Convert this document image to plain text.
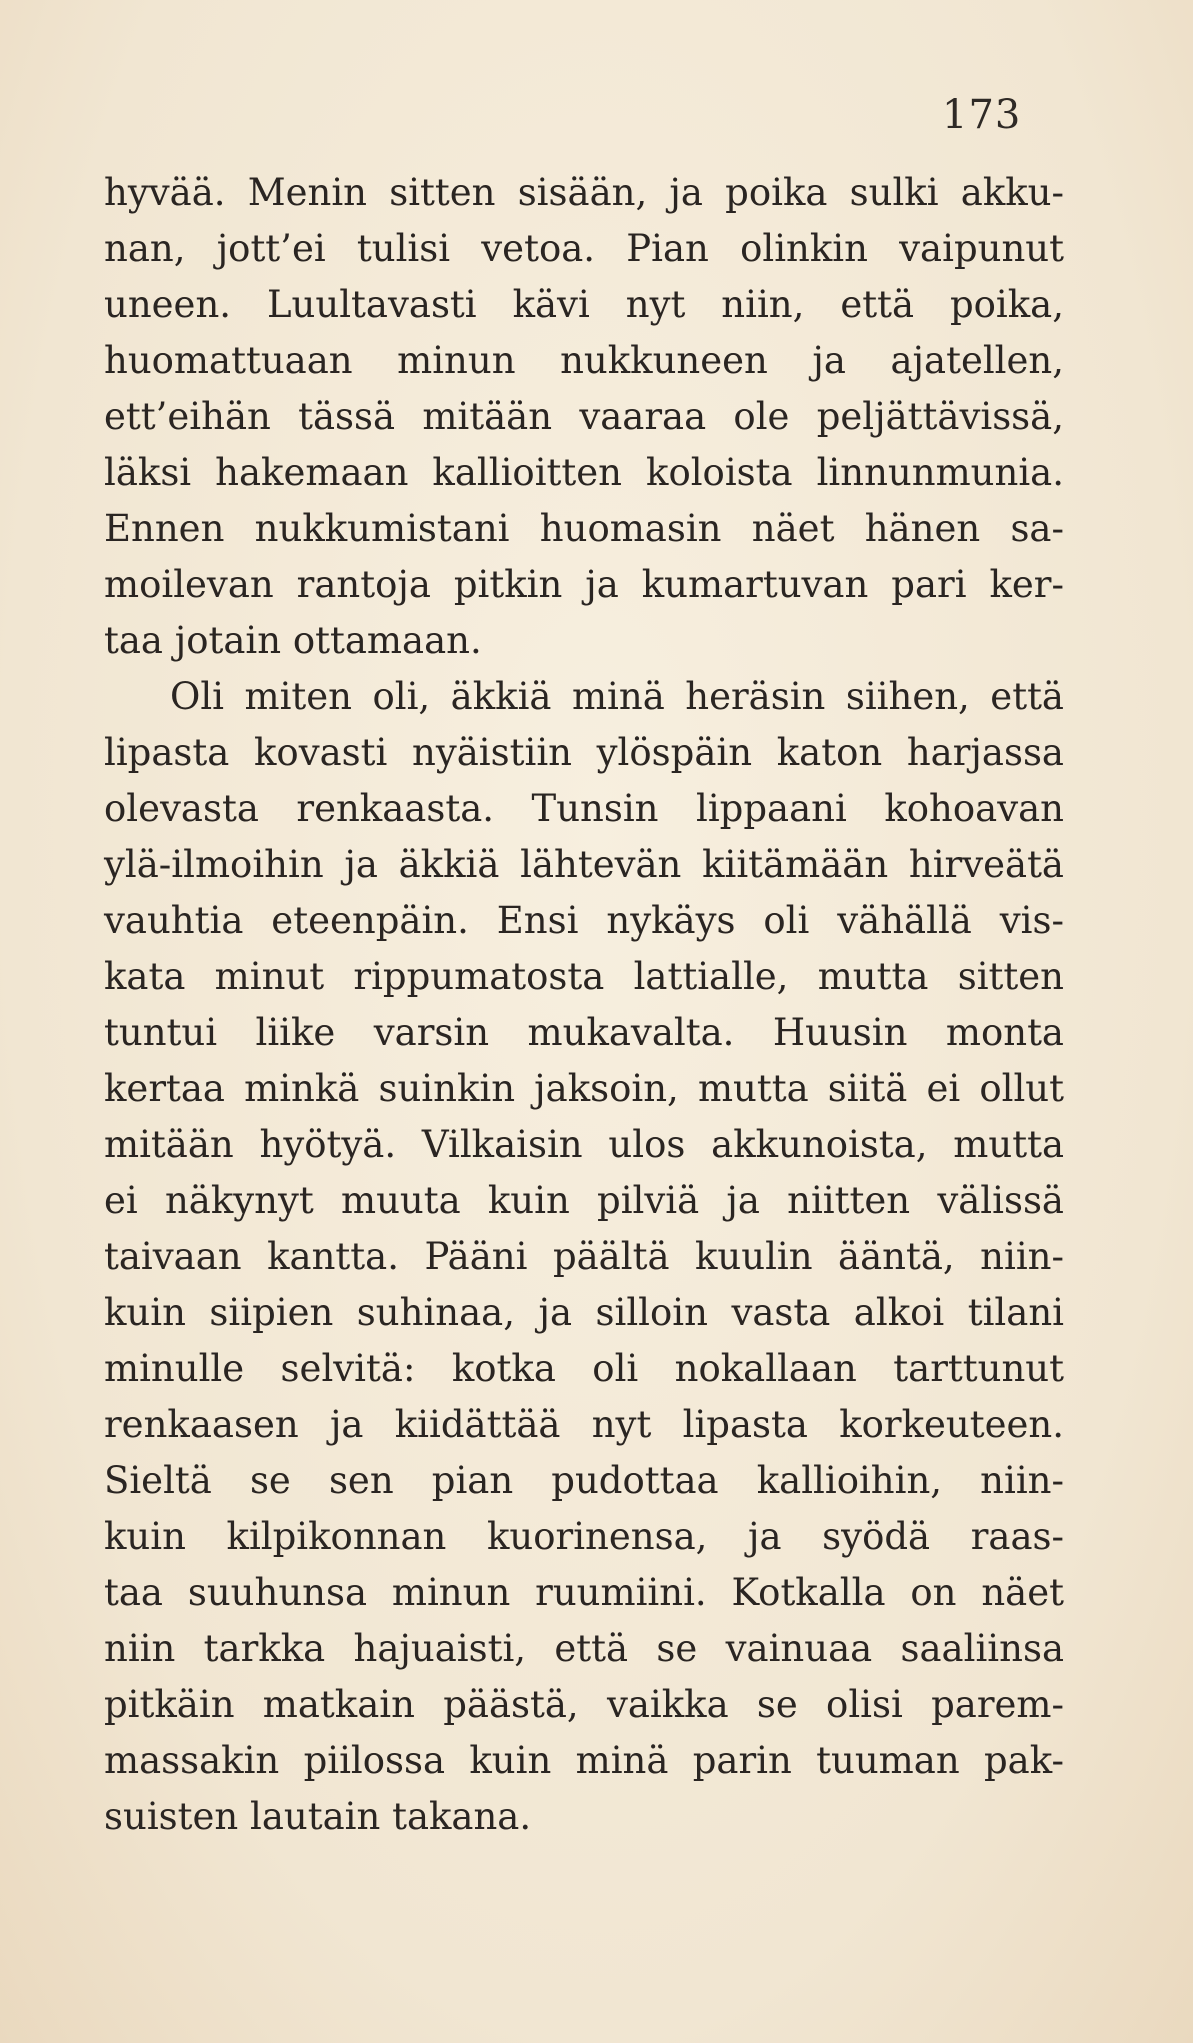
173
hyvää. Menin sitten sisään, ja poika sulki akku-
nan, jott’ei tulisi vetoa. Pian olinkin vaipunut
uneen. Luultavasti kävi nyt niin, että poika,
huomattuaan minun nukkuneen ja ajatellen,
ett’eihän tässä mitään vaaraa ole peljättävissä,
läksi hakemaan kallioitten koloista linnunmunia.
Ennen nukkumistani huomasin näet hänen sa-
moilevan rantoja pitkin ja kumartuvan pari ker-
taa jotain ottamaan.
Oli miten oli, äkkiä minä heräsin siihen, että
lipasta kovasti nyäistiin ylöspäin katon harjassa
olevasta renkaasta. Tunsin lippaani kohoavan
ylä-ilmoihin ja äkkiä lähtevän kiitämään hirveätä
vauhtia eteenpäin. Ensi nykäys oli vähällä vis-
kata minut rippumatosta lattialle, mutta sitten
tuntui liike varsin mukavalta. Huusin monta
kertaa minkä suinkin jaksoin, mutta siitä ei ollut
mitään hyötyä. Vilkaisin ulos akkunoista, mutta
ei näkynyt muuta kuin pilviä ja niitten välissä
taivaan kantta. Pääni päältä kuulin ääntä, niin-
kuin siipien suhinaa, ja silloin vasta alkoi tilani
minulle selvitä: kotka oli nokallaan tarttunut
renkaasen ja kiidättää nyt lipasta korkeuteen.
Sieltä se sen pian pudottaa kallioihin, niin-
kuin kilpikonnan kuorinensa, ja syödä raas-
taa suuhunsa minun ruumiini. Kotkalla on näet
niin tarkka hajuaisti, että se vainuaa saaliinsa
pitkäin matkain päästä, vaikka se olisi parem-
massakin piilossa kuin minä parin tuuman pak-
suisten lautain takana.
